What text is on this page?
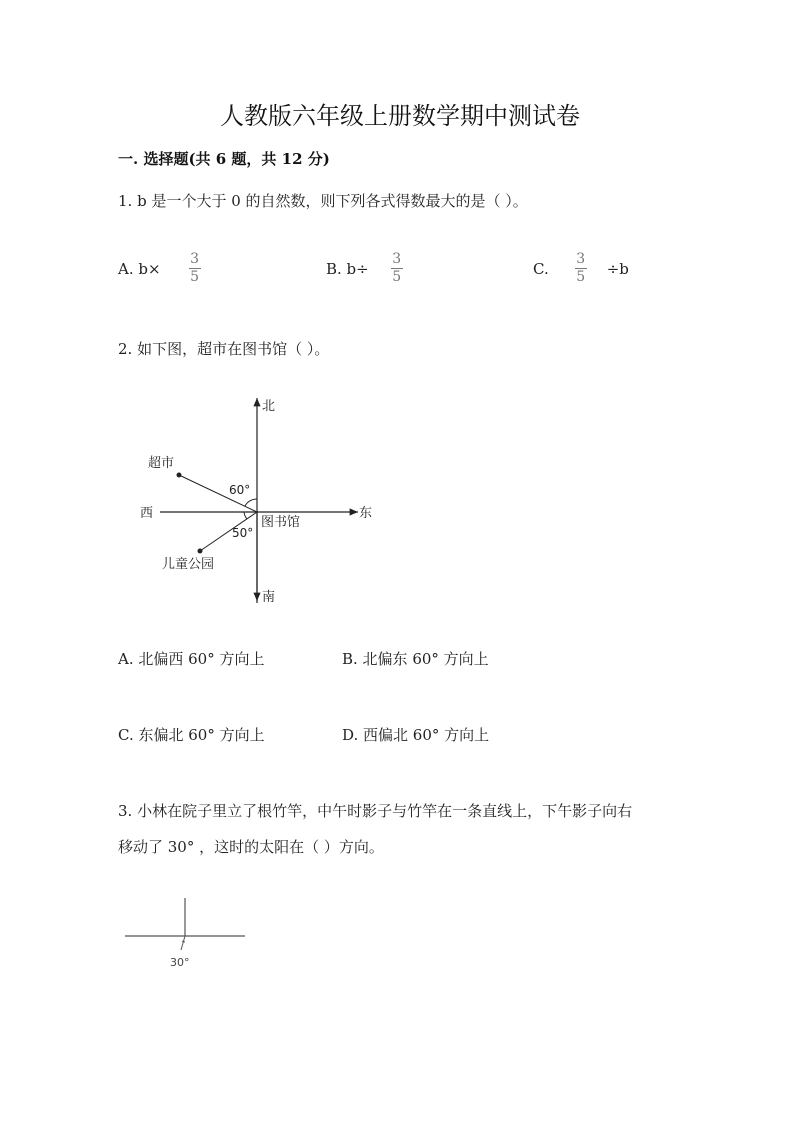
人教版六年级上册数学期中测试卷
一. 选择题(共 6 题，共 12 分)
1. b 是一个大于 0 的自然数，则下列各式得数最大的是（ ）。
A. $b\times \frac{3}{5}$	B. $b\div \frac{3}{5}$	C. $\frac{3}{5} \div b$
2. 如下图，超市在图书馆（ ）。
北
南
西	东
图书馆
超市
儿童公园
60°
50°
A. 北偏西 60° 方向上	B. 北偏东 60° 方向上
C. 东偏北 60° 方向上	D. 西偏北 60° 方向上
3. 小林在院子里立了根竹竿，中午时影子与竹竿在一条直线上，下午影子向右
移动了 30° ，这时的太阳在（ ）方向。
30°
